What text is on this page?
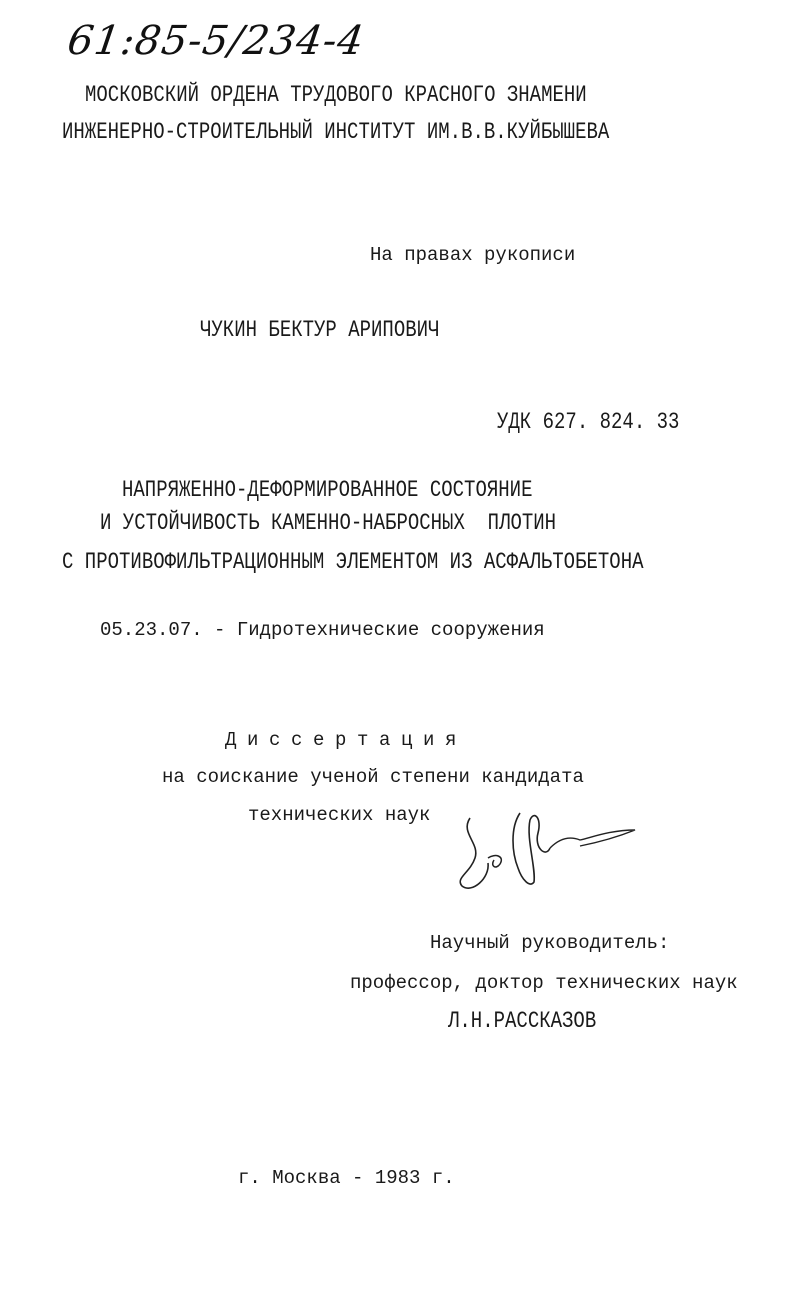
61:85-5/234-4
МОСКОВСКИЙ ОРДЕНА ТРУДОВОГО КРАСНОГО ЗНАМЕНИ
ИНЖЕНЕРНО-СТРОИТЕЛЬНЫЙ ИНСТИТУТ ИМ.В.В.КУЙБЫШЕВА
На правах рукописи
ЧУКИН БЕКТУР АРИПОВИЧ
УДК 627. 824. 33
НАПРЯЖЕННО-ДЕФОРМИРОВАННОЕ СОСТОЯНИЕ
И УСТОЙЧИВОСТЬ КАМЕННО-НАБРОСНЫХ  ПЛОТИН
С ПРОТИВОФИЛЬТРАЦИОННЫМ ЭЛЕМЕНТОМ ИЗ АСФАЛЬТОБЕТОНА
05.23.07. - Гидротехнические сооружения
Диссертация
на соискание ученой степени кандидата
технических наук
Научный руководитель:
профессор, доктор технических наук
Л.Н.РАССКАЗОВ
г. Москва - 1983 г.
